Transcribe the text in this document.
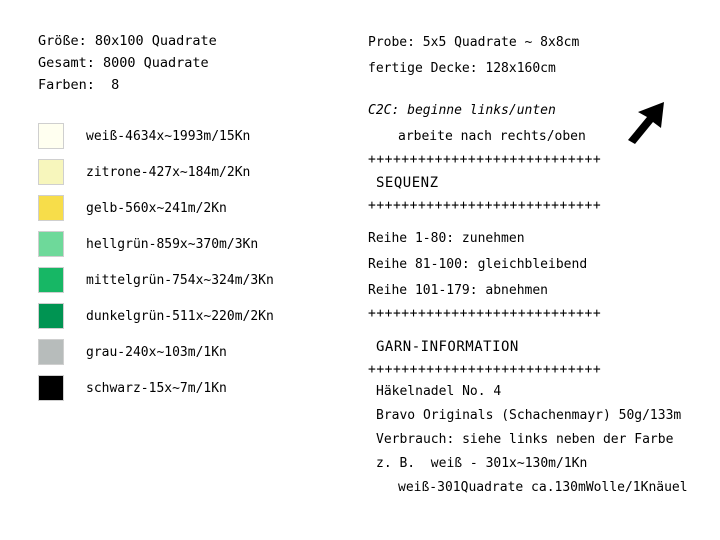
Größe: 80x100 Quadrate
Gesamt: 8000 Quadrate
Farben:  8
weiß-4634x~1993m/15Kn
zitrone-427x~184m/2Kn
gelb-560x~241m/2Kn
hellgrün-859x~370m/3Kn
mittelgrün-754x~324m/3Kn
dunkelgrün-511x~220m/2Kn
grau-240x~103m/1Kn
schwarz-15x~7m/1Kn
Probe: 5x5 Quadrate ~ 8x8cm
fertige Decke: 128x160cm
C2C: beginne links/unten
arbeite nach rechts/oben
++++++++++++++++++++++++++++
SEQUENZ
++++++++++++++++++++++++++++
Reihe 1-80: zunehmen
Reihe 81-100: gleichbleibend
Reihe 101-179: abnehmen
++++++++++++++++++++++++++++
GARN-INFORMATION
++++++++++++++++++++++++++++
Häkelnadel No. 4
Bravo Originals (Schachenmayr) 50g/133m
Verbrauch: siehe links neben der Farbe
z. B.  weiß - 301x~130m/1Kn
weiß-301Quadrate ca.130mWolle/1Knäuel
